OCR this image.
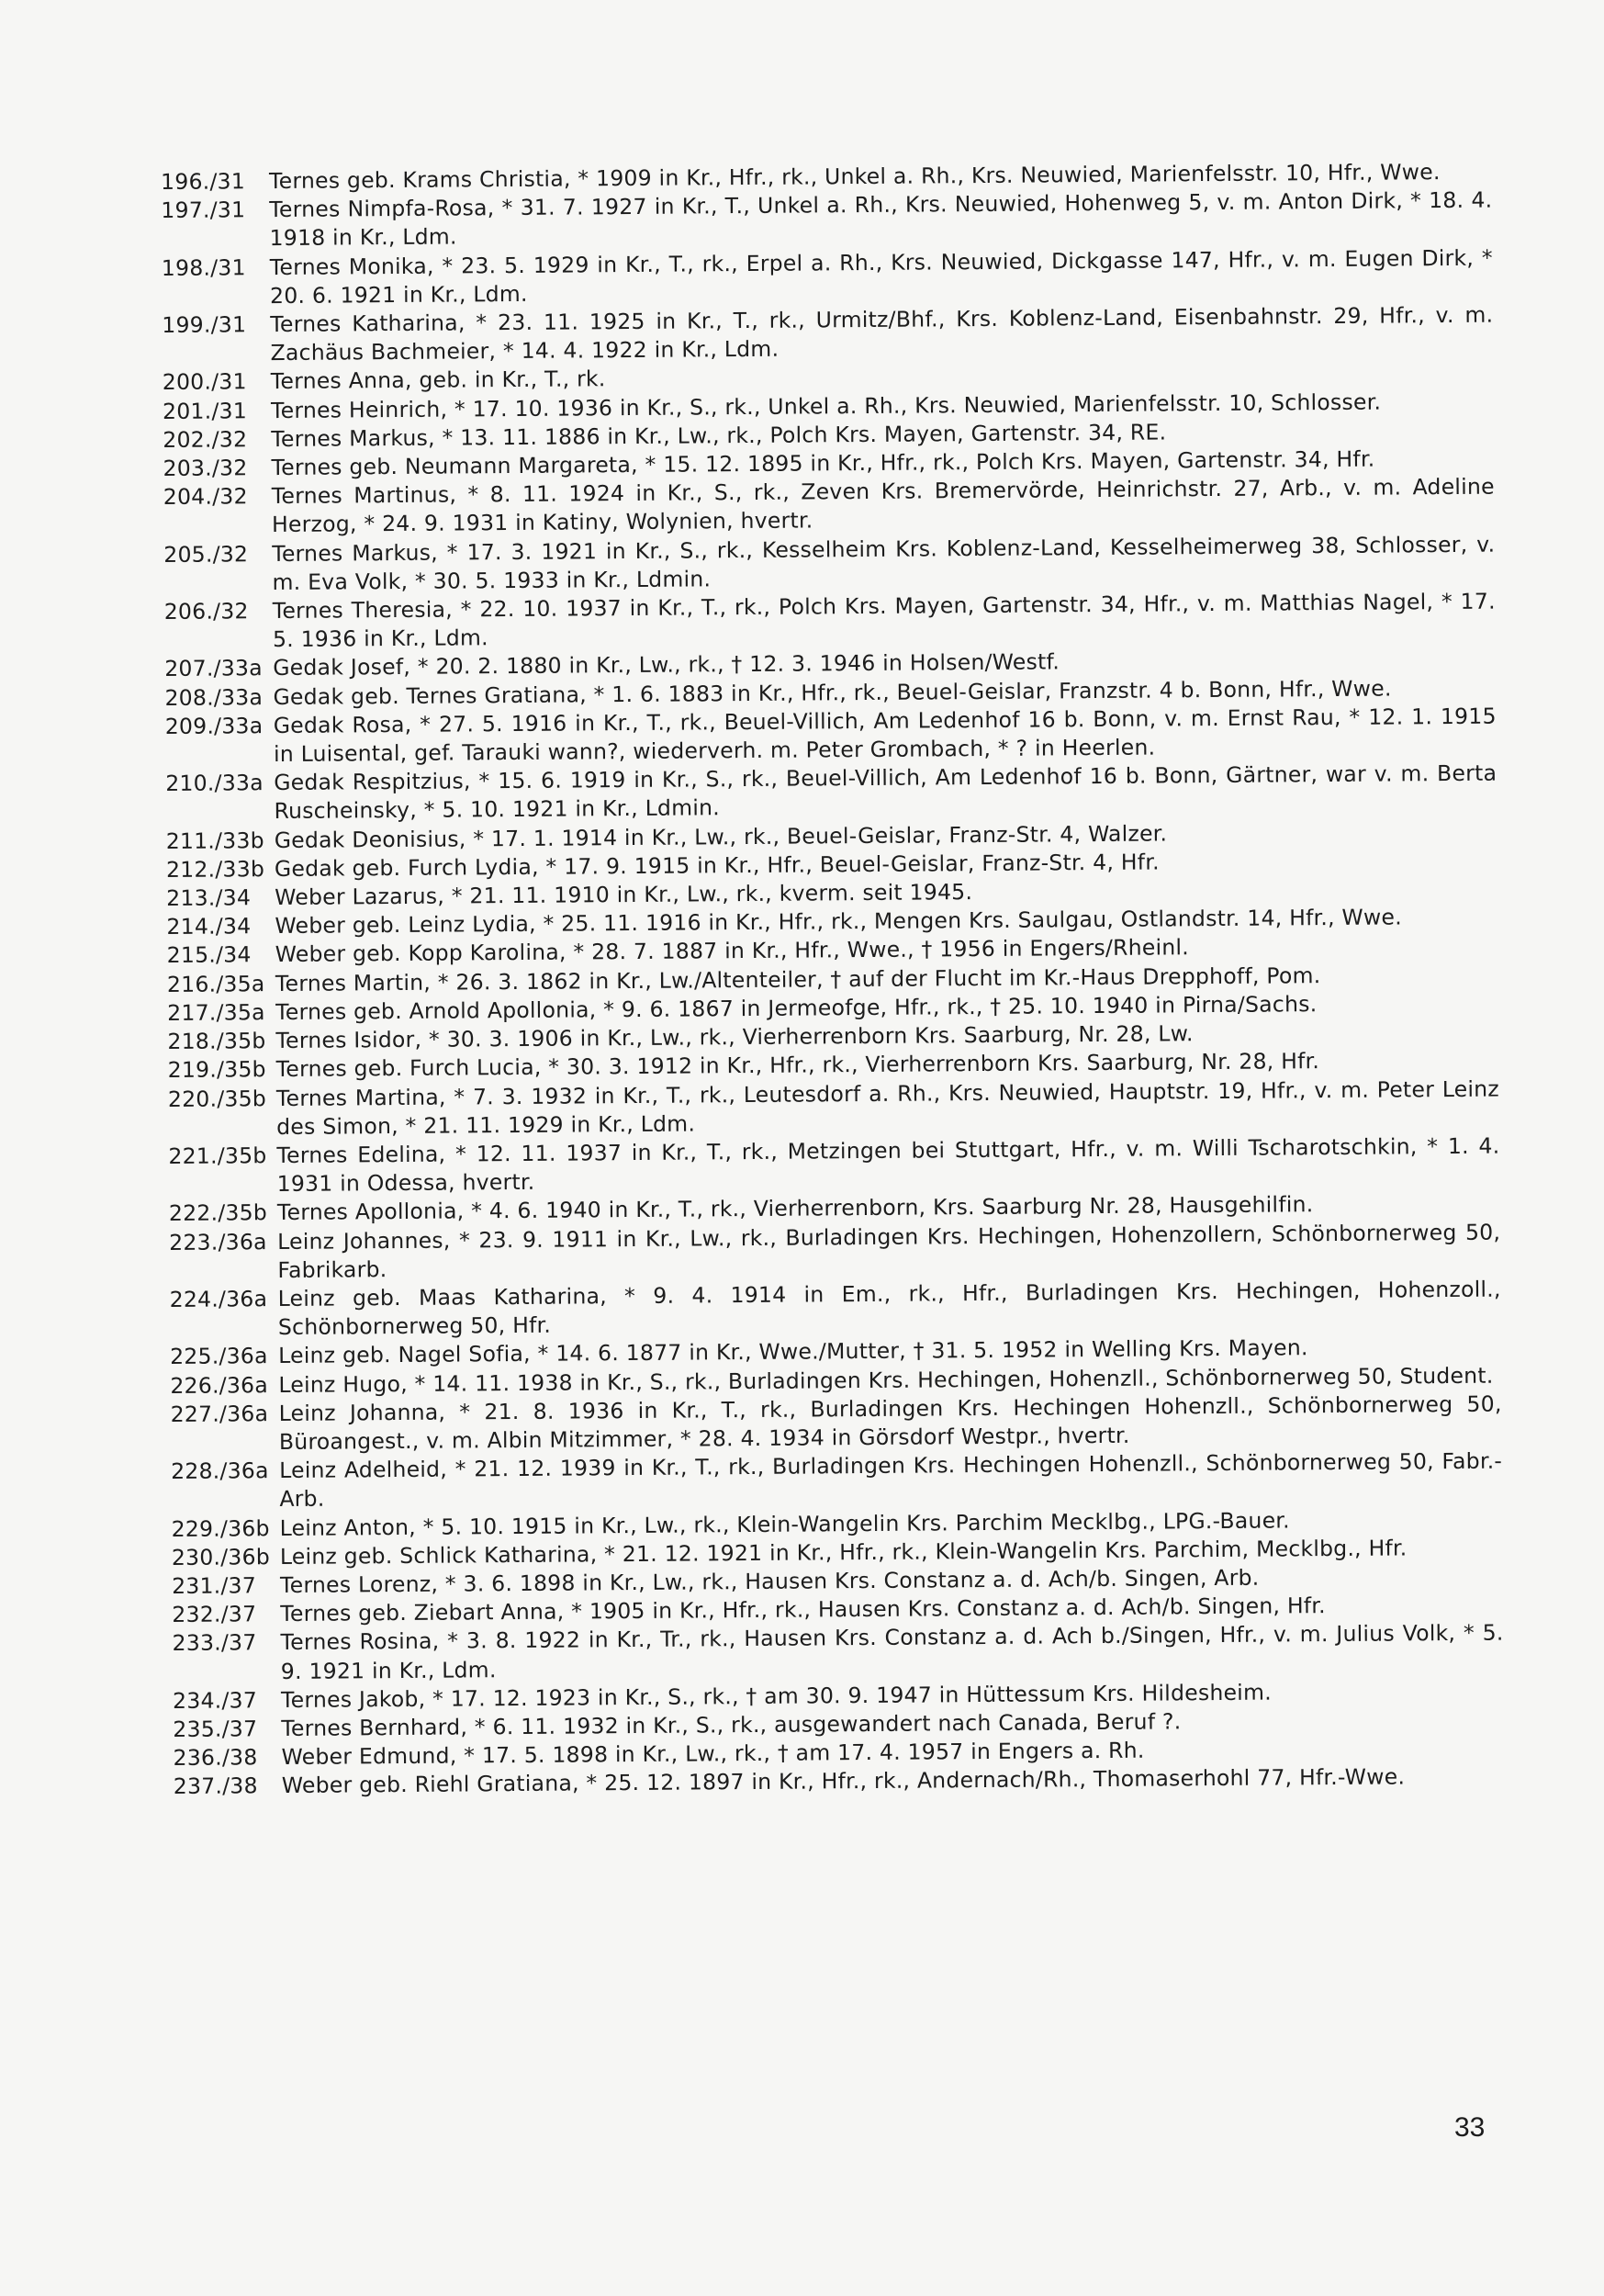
196./31	Ternes geb. Krams Christia, * 1909 in Kr., Hfr., rk., Unkel a. Rh., Krs. Neuwied, Marienfelsstr. 10, Hfr., Wwe.
197./31	Ternes Nimpfa-Rosa, * 31. 7. 1927 in Kr., T., Unkel a. Rh., Krs. Neuwied, Hohenweg 5, v. m. Anton Dirk, * 18. 4. 1918 in Kr., Ldm.
198./31	Ternes Monika, * 23. 5. 1929 in Kr., T., rk., Erpel a. Rh., Krs. Neuwied, Dickgasse 147, Hfr., v. m. Eugen Dirk, * 20. 6. 1921 in Kr., Ldm.
199./31	Ternes Katharina, * 23. 11. 1925 in Kr., T., rk., Urmitz/Bhf., Krs. Koblenz-Land, Eisenbahnstr. 29, Hfr., v. m. Zachäus Bachmeier, * 14. 4. 1922 in Kr., Ldm.
200./31	Ternes Anna, geb. in Kr., T., rk.
201./31	Ternes Heinrich, * 17. 10. 1936 in Kr., S., rk., Unkel a. Rh., Krs. Neuwied, Marienfelsstr. 10, Schlosser.
202./32	Ternes Markus, * 13. 11. 1886 in Kr., Lw., rk., Polch Krs. Mayen, Gartenstr. 34, RE.
203./32	Ternes geb. Neumann Margareta, * 15. 12. 1895 in Kr., Hfr., rk., Polch Krs. Mayen, Gartenstr. 34, Hfr.
204./32	Ternes Martinus, * 8. 11. 1924 in Kr., S., rk., Zeven Krs. Bremervörde, Heinrichstr. 27, Arb., v. m. Adeline Herzog, * 24. 9. 1931 in Katiny, Wolynien, hvertr.
205./32	Ternes Markus, * 17. 3. 1921 in Kr., S., rk., Kesselheim Krs. Koblenz-Land, Kesselheimerweg 38, Schlosser, v. m. Eva Volk, * 30. 5. 1933 in Kr., Ldmin.
206./32	Ternes Theresia, * 22. 10. 1937 in Kr., T., rk., Polch Krs. Mayen, Gartenstr. 34, Hfr., v. m. Matthias Nagel, * 17. 5. 1936 in Kr., Ldm.
207./33a Gedak Josef, * 20. 2. 1880 in Kr., Lw., rk., † 12. 3. 1946 in Holsen/Westf.
208./33a Gedak geb. Ternes Gratiana, * 1. 6. 1883 in Kr., Hfr., rk., Beuel-Geislar, Franzstr. 4 b. Bonn, Hfr., Wwe.
209./33a Gedak Rosa, * 27. 5. 1916 in Kr., T., rk., Beuel-Villich, Am Ledenhof 16 b. Bonn, v. m. Ernst Rau, * 12. 1. 1915 in Luisental, gef. Tarauki wann?, wiederverh. m. Peter Grombach, * ? in Heerlen.
210./33a Gedak Respitzius, * 15. 6. 1919 in Kr., S., rk., Beuel-Villich, Am Ledenhof 16 b. Bonn, Gärtner, war v. m. Berta Ruscheinsky, * 5. 10. 1921 in Kr., Ldmin.
211./33b Gedak Deonisius, * 17. 1. 1914 in Kr., Lw., rk., Beuel-Geislar, Franz-Str. 4, Walzer.
212./33b Gedak geb. Furch Lydia, * 17. 9. 1915 in Kr., Hfr., Beuel-Geislar, Franz-Str. 4, Hfr.
213./34	Weber Lazarus, * 21. 11. 1910 in Kr., Lw., rk., kverm. seit 1945.
214./34	Weber geb. Leinz Lydia, * 25. 11. 1916 in Kr., Hfr., rk., Mengen Krs. Saulgau, Ostlandstr. 14, Hfr., Wwe.
215./34	Weber geb. Kopp Karolina, * 28. 7. 1887 in Kr., Hfr., Wwe., † 1956 in Engers/Rheinl.
216./35a Ternes Martin, * 26. 3. 1862 in Kr., Lw./Altenteiler, † auf der Flucht im Kr.-Haus Drepphoff, Pom.
217./35a Ternes geb. Arnold Apollonia, * 9. 6. 1867 in Jermeofge, Hfr., rk., † 25. 10. 1940 in Pirna/Sachs.
218./35b Ternes Isidor, * 30. 3. 1906 in Kr., Lw., rk., Vierherrenborn Krs. Saarburg, Nr. 28, Lw.
219./35b Ternes geb. Furch Lucia, * 30. 3. 1912 in Kr., Hfr., rk., Vierherrenborn Krs. Saarburg, Nr. 28, Hfr.
220./35b Ternes Martina, * 7. 3. 1932 in Kr., T., rk., Leutesdorf a. Rh., Krs. Neuwied, Hauptstr. 19, Hfr., v. m. Peter Leinz des Simon, * 21. 11. 1929 in Kr., Ldm.
221./35b Ternes Edelina, * 12. 11. 1937 in Kr., T., rk., Metzingen bei Stuttgart, Hfr., v. m. Willi Tscharotschkin, * 1. 4. 1931 in Odessa, hvertr.
222./35b Ternes Apollonia, * 4. 6. 1940 in Kr., T., rk., Vierherrenborn, Krs. Saarburg Nr. 28, Hausgehilfin.
223./36a Leinz Johannes, * 23. 9. 1911 in Kr., Lw., rk., Burladingen Krs. Hechingen, Hohenzollern, Schönbornerweg 50, Fabrikarb.
224./36a Leinz geb. Maas Katharina, * 9. 4. 1914 in Em., rk., Hfr., Burladingen Krs. Hechingen, Hohenzoll., Schönbornerweg 50, Hfr.
225./36a Leinz geb. Nagel Sofia, * 14. 6. 1877 in Kr., Wwe./Mutter, † 31. 5. 1952 in Welling Krs. Mayen.
226./36a Leinz Hugo, * 14. 11. 1938 in Kr., S., rk., Burladingen Krs. Hechingen, Hohenzll., Schönbornerweg 50, Student.
227./36a Leinz Johanna, * 21. 8. 1936 in Kr., T., rk., Burladingen Krs. Hechingen Hohenzll., Schönbornerweg 50, Büroangest., v. m. Albin Mitzimmer, * 28. 4. 1934 in Görsdorf Westpr., hvertr.
228./36a Leinz Adelheid, * 21. 12. 1939 in Kr., T., rk., Burladingen Krs. Hechingen Hohenzll., Schönbornerweg 50, Fabr.-Arb.
229./36b Leinz Anton, * 5. 10. 1915 in Kr., Lw., rk., Klein-Wangelin Krs. Parchim Mecklbg., LPG.-Bauer.
230./36b Leinz geb. Schlick Katharina, * 21. 12. 1921 in Kr., Hfr., rk., Klein-Wangelin Krs. Parchim, Mecklbg., Hfr.
231./37	Ternes Lorenz, * 3. 6. 1898 in Kr., Lw., rk., Hausen Krs. Constanz a. d. Ach/b. Singen, Arb.
232./37	Ternes geb. Ziebart Anna, * 1905 in Kr., Hfr., rk., Hausen Krs. Constanz a. d. Ach/b. Singen, Hfr.
233./37	Ternes Rosina, * 3. 8. 1922 in Kr., Tr., rk., Hausen Krs. Constanz a. d. Ach b./Singen, Hfr., v. m. Julius Volk, * 5. 9. 1921 in Kr., Ldm.
234./37	Ternes Jakob, * 17. 12. 1923 in Kr., S., rk., † am 30. 9. 1947 in Hüttessum Krs. Hildesheim.
235./37	Ternes Bernhard, * 6. 11. 1932 in Kr., S., rk., ausgewandert nach Canada, Beruf ?.
236./38	Weber Edmund, * 17. 5. 1898 in Kr., Lw., rk., † am 17. 4. 1957 in Engers a. Rh.
237./38	Weber geb. Riehl Gratiana, * 25. 12. 1897 in Kr., Hfr., rk., Andernach/Rh., Thomaserhohl 77, Hfr.-Wwe.
33
